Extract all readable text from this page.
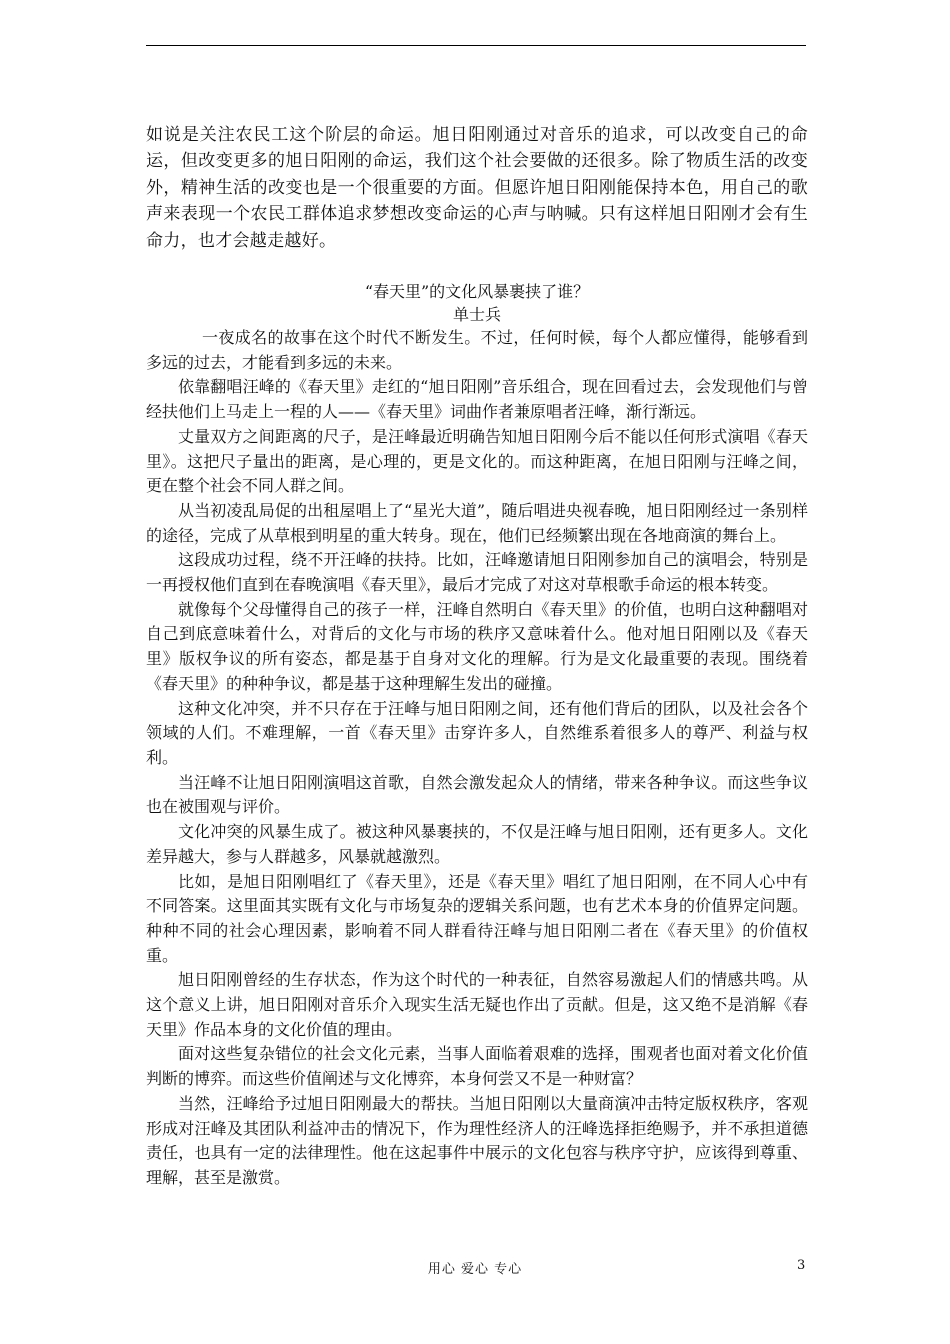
如说是关注农民工这个阶层的命运。旭日阳刚通过对音乐的追求，可以改变自己的命运，但改变更多的旭日阳刚的命运，我们这个社会要做的还很多。除了物质生活的改变外，精神生活的改变也是一个很重要的方面。但愿许旭日阳刚能保持本色，用自己的歌声来表现一个农民工群体追求梦想改变命运的心声与呐喊。只有这样旭日阳刚才会有生命力，也才会越走越好。

“春天里”的文化风暴裹挟了谁？
单士兵

一夜成名的故事在这个时代不断发生。不过，任何时候，每个人都应懂得，能够看到多远的过去，才能看到多远的未来。

依靠翻唱汪峰的《春天里》走红的“旭日阳刚”音乐组合，现在回看过去，会发现他们与曾经扶他们上马走上一程的人——《春天里》词曲作者兼原唱者汪峰，渐行渐远。

丈量双方之间距离的尺子，是汪峰最近明确告知旭日阳刚今后不能以任何形式演唱《春天里》。这把尺子量出的距离，是心理的，更是文化的。而这种距离，在旭日阳刚与汪峰之间，更在整个社会不同人群之间。

从当初凌乱局促的出租屋唱上了“星光大道”，随后唱进央视春晚，旭日阳刚经过一条别样的途径，完成了从草根到明星的重大转身。现在，他们已经频繁出现在各地商演的舞台上。

这段成功过程，绕不开汪峰的扶持。比如，汪峰邀请旭日阳刚参加自己的演唱会，特别是一再授权他们直到在春晚演唱《春天里》，最后才完成了对这对草根歌手命运的根本转变。

就像每个父母懂得自己的孩子一样，汪峰自然明白《春天里》的价值，也明白这种翻唱对自己到底意味着什么，对背后的文化与市场的秩序又意味着什么。他对旭日阳刚以及《春天里》版权争议的所有姿态，都是基于自身对文化的理解。行为是文化最重要的表现。围绕着《春天里》的种种争议，都是基于这种理解生发出的碰撞。

这种文化冲突，并不只存在于汪峰与旭日阳刚之间，还有他们背后的团队，以及社会各个领域的人们。不难理解，一首《春天里》击穿许多人，自然维系着很多人的尊严、利益与权利。

当汪峰不让旭日阳刚演唱这首歌，自然会激发起众人的情绪，带来各种争议。而这些争议也在被围观与评价。

文化冲突的风暴生成了。被这种风暴裹挟的，不仅是汪峰与旭日阳刚，还有更多人。文化差异越大，参与人群越多，风暴就越激烈。

比如，是旭日阳刚唱红了《春天里》，还是《春天里》唱红了旭日阳刚，在不同人心中有不同答案。这里面其实既有文化与市场复杂的逻辑关系问题，也有艺术本身的价值界定问题。种种不同的社会心理因素，影响着不同人群看待汪峰与旭日阳刚二者在《春天里》的价值权重。

旭日阳刚曾经的生存状态，作为这个时代的一种表征，自然容易激起人们的情感共鸣。从这个意义上讲，旭日阳刚对音乐介入现实生活无疑也作出了贡献。但是，这又绝不是消解《春天里》作品本身的文化价值的理由。

面对这些复杂错位的社会文化元素，当事人面临着艰难的选择，围观者也面对着文化价值判断的博弈。而这些价值阐述与文化博弈，本身何尝又不是一种财富？

当然，汪峰给予过旭日阳刚最大的帮扶。当旭日阳刚以大量商演冲击特定版权秩序，客观形成对汪峰及其团队利益冲击的情况下，作为理性经济人的汪峰选择拒绝赐予，并不承担道德责任，也具有一定的法律理性。他在这起事件中展示的文化包容与秩序守护，应该得到尊重、理解，甚至是激赏。

用心 爱心 专心	3
